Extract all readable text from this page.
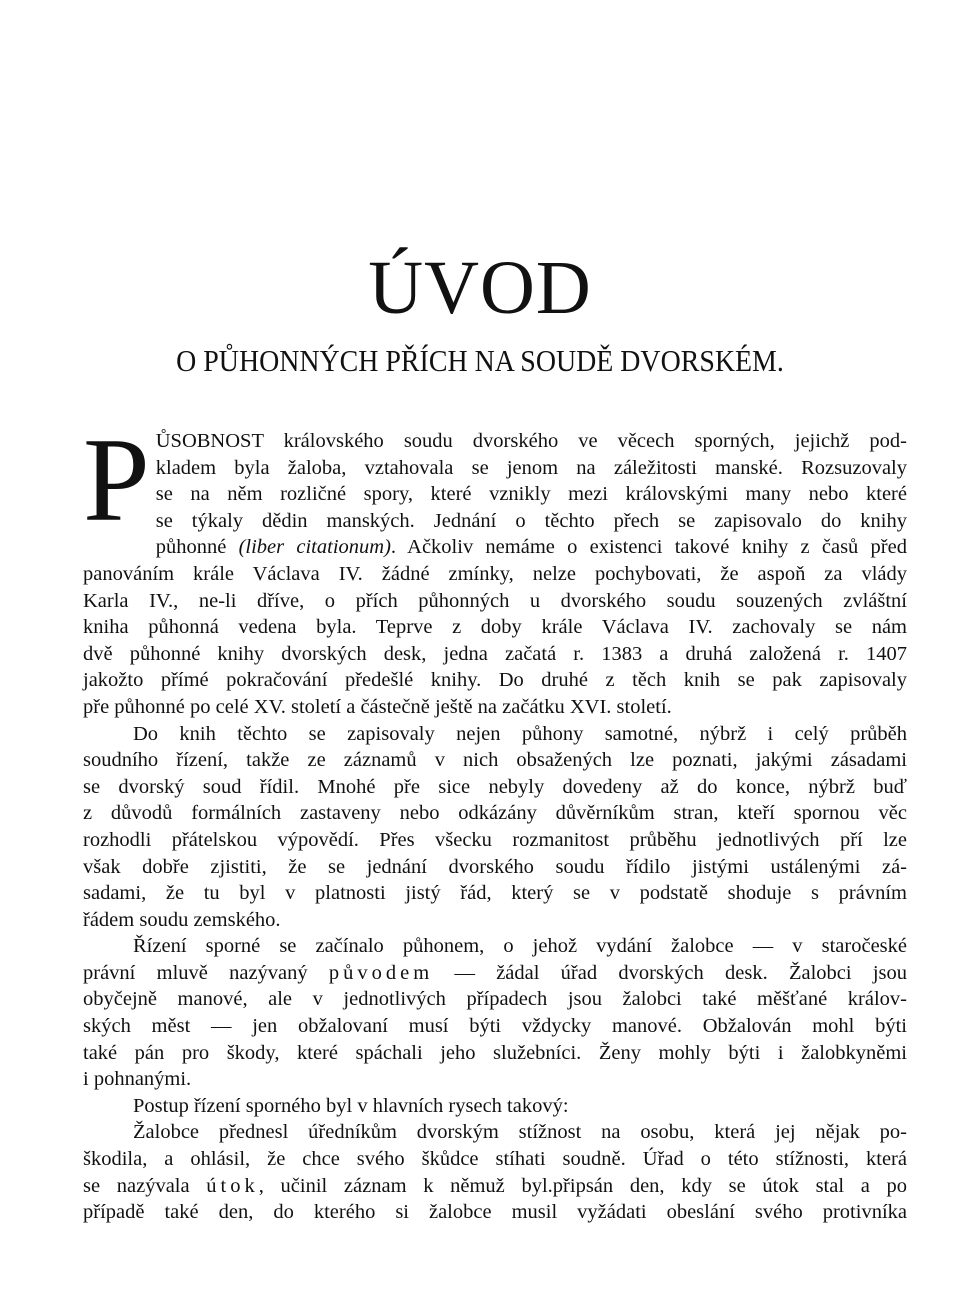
ÚVOD
O PŮHONNÝCH PŘÍCH NA SOUDĚ DVORSKÉM.

P ŮSOBNOST královského soudu dvorského ve věcech sporných, jejichž pod-
kladem byla žaloba, vztahovala se jenom na záležitosti manské. Rozsuzovaly
se na něm rozličné spory, které vznikly mezi královskými many nebo které
se týkaly dědin manských. Jednání o těchto přech se zapisovalo do knihy
půhonné (liber citationum). Ačkoliv nemáme o existenci takové knihy z časů před
panováním krále Václava IV. žádné zmínky, nelze pochybovati, že aspoň za vlády
Karla IV., ne-li dříve, o přích půhonných u dvorského soudu souzených zvláštní
kniha půhonná vedena byla. Teprve z doby krále Václava IV. zachovaly se nám
dvě půhonné knihy dvorských desk, jedna začatá r. 1383 a druhá založená r. 1407
jakožto přímé pokračování předešlé knihy. Do druhé z těch knih se pak zapisovaly
pře půhonné po celé XV. století a částečně ještě na začátku XVI. století.

Do knih těchto se zapisovaly nejen půhony samotné, nýbrž i celý průběh
soudního řízení, takže ze záznamů v nich obsažených lze poznati, jakými zásadami
se dvorský soud řídil. Mnohé pře sice nebyly dovedeny až do konce, nýbrž buď
z důvodů formálních zastaveny nebo odkázány důvěrníkům stran, kteří spornou věc
rozhodli přátelskou výpovědí. Přes všecku rozmanitost průběhu jednotlivých pří lze
však dobře zjistiti, že se jednání dvorského soudu řídilo jistými ustálenými zá-
sadami, že tu byl v platnosti jistý řád, který se v podstatě shoduje s právním
řádem soudu zemského.

Řízení sporné se začínalo půhonem, o jehož vydání žalobce — v staročeské
právní mluvě nazývaný původem — žádal úřad dvorských desk. Žalobci jsou
obyčejně manové, ale v jednotlivých případech jsou žalobci také měšťané králov-
ských měst — jen obžalovaní musí býti vždycky manové. Obžalován mohl býti
také pán pro škody, které spáchali jeho služebníci. Ženy mohly býti i žalobkyněmi
i pohnanými.

Postup řízení sporného byl v hlavních rysech takový:

Žalobce přednesl úředníkům dvorským stížnost na osobu, která jej nějak po-
škodila, a ohlásil, že chce svého škůdce stíhati soudně. Úřad o této stížnosti, která
se nazývala útok, učinil záznam k němuž byl.připsán den, kdy se útok stal a po
případě také den, do kterého si žalobce musil vyžádati obeslání svého protivníka
